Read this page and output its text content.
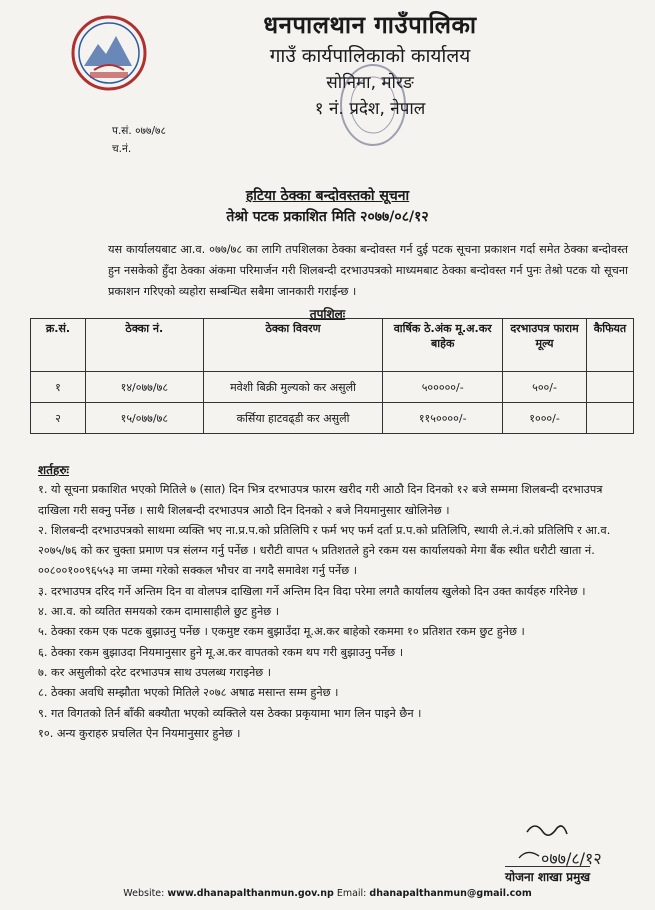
धनपालथान गाउँपालिका
गाउँ कार्यपालिकाको कार्यालय
सोनिमा, मोरङ
१ नं. प्रदेश, नेपाल
प.सं. ०७७/७८
च.नं.
हटिया ठेक्का बन्दोवस्तको सूचना
तेश्रो पटक प्रकाशित मिति २०७७/०८/१२
यस कार्यालयबाट आ.व. ०७७/७८ का लागि तपशिलका ठेक्का बन्दोवस्त गर्न दुई पटक सूचना प्रकाशन गर्दा समेत ठेक्का बन्दोवस्त हुन नसकेको हुँदा ठेक्का अंकमा परिमार्जन गरी शिलबन्दी दरभाउपत्रको माध्यमबाट ठेक्का बन्दोवस्त गर्न पुनः तेश्रो पटक यो सूचना प्रकाशन गरिएको व्यहोरा सम्बन्धित सबैमा जानकारी गराईन्छ ।
तपशिलः
क्र.सं.	ठेक्का नं.	ठेक्का विवरण	वार्षिक ठे.अंक मू.अ.कर बाहेक	दरभाउपत्र फाराम मूल्य	कैफियत
१	१४/०७७/७८	मवेशी बिक्री मुल्यको कर असुली	५०००००/-	५००/-	
२	१५/०७७/७८	कर्सिया हाटवढ्डी कर असुली	११५००००/-	१०००/-	
शर्तहरुः

१. यो सूचना प्रकाशित भएको मितिले ७ (सात) दिन भित्र दरभाउपत्र फारम खरीद गरी आठौ दिन दिनको १२ बजे सम्ममा शिलबन्दी दरभाउपत्र दाखिला गरी सक्नु पर्नेछ । साथै शिलबन्दी दरभाउपत्र आठौ दिन दिनको २ बजे नियमानुसार खोलिनेछ ।

२. शिलबन्दी दरभाउपत्रको साथमा व्यक्ति भए ना.प्र.प.को प्रतिलिपि र फर्म भए फर्म दर्ता प्र.प.को प्रतिलिपि, स्थायी ले.नं.को प्रतिलिपि र आ.व. २०७५/७६ को कर चुक्ता प्रमाण पत्र संलग्न गर्नु पर्नेछ । धरौटी वापत ५ प्रतिशतले हुने रकम यस कार्यालयको मेगा बैंक स्थीत धरौटी खाता नं. ००८००१००९६५५३ मा जम्मा गरेको सक्कल भौचर वा नगदै समावेश गर्नु पर्नेछ ।

३. दरभाउपत्र दरिद गर्ने अन्तिम दिन वा वोलपत्र दाखिला गर्ने अन्तिम दिन विदा परेमा लगतै कार्यालय खुलेको दिन उक्त कार्यहरु गरिनेछ ।

४. आ.व. को व्यतित समयको रकम दामासाहीले छुट हुनेछ ।

५. ठेक्का रकम एक पटक बुझाउनु पर्नेछ । एकमुष्ट रकम बुझाउँदा मू.अ.कर बाहेको रकममा १० प्रतिशत रकम छुट हुनेछ ।

६. ठेक्का रकम बुझाउदा नियमानुसार हुने मू.अ.कर वापतको रकम थप गरी बुझाउनु पर्नेछ ।

७. कर असुलीको दरेट दरभाउपत्र साथ उपलब्ध गराइनेछ ।

८. ठेक्का अवधि सम्झौता भएको मितिले २०७८ अषाढ मसान्त सम्म हुनेछ ।

९. गत विगतको तिर्न बाँकी बक्यौता भएको व्यक्तिले यस ठेक्का प्रकृयामा भाग लिन पाइने छैन ।

१०. अन्य कुराहरु प्रचलित ऐन नियमानुसार हुनेछ ।

०७७/८/१२
योजना शाखा प्रमुख
Website: www.dhanapalthanmun.gov.np Email: dhanapalthanmun@gmail.com
